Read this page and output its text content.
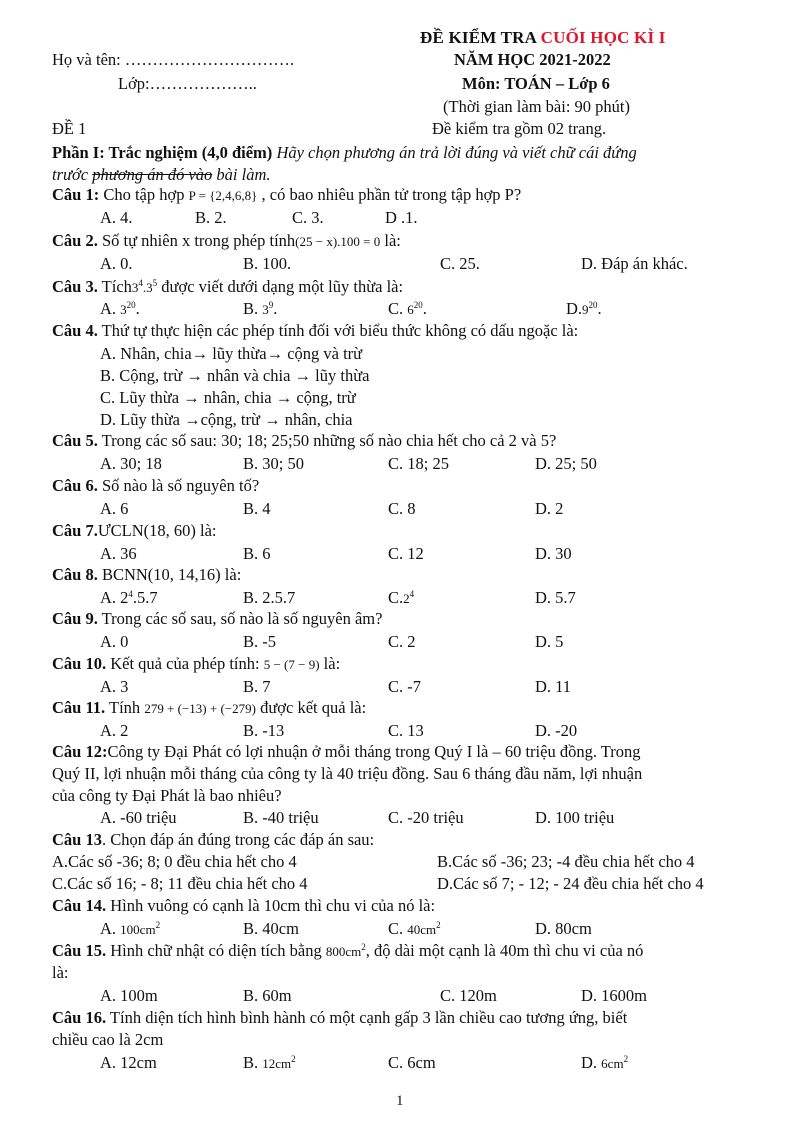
ĐỀ KIỂM TRA CUỐI HỌC KÌ I
Họ và tên: ………………………….	NĂM HỌC 2021-2022
Lớp:………………..	Môn: TOÁN – Lớp 6
(Thời gian làm bài: 90 phút)
ĐỀ 1	Đề kiểm tra gồm 02 trang.
Phần I: Trắc nghiệm (4,0 điểm) Hãy chọn phương án trả lời đúng và viết chữ cái đứng
trước phương án đó vào bài làm.
Câu 1: Cho tập hợp P = {2,4,6,8} , có bao nhiêu phần tử trong tập hợp P?
A. 4.	B. 2.	C. 3.	D .1.
Câu 2. Số tự nhiên x trong phép tính(25 − x).100 = 0 là:
A. 0.	B. 100.	C. 25.	D. Đáp án khác.
Câu 3. $Tích3^4.3^5$ được viết dưới dạng một lũy thừa là:
A. $3^{20}$.	B. $3^9$.	C. $6^{20}$.	$D.9^{20}$.
Câu 4. Thứ tự thực hiện các phép tính đối với biểu thức không có dấu ngoặc là:
A. Nhân, chia→ lũy thừa→ cộng và trừ
B. Cộng, trừ → nhân và chia → lũy thừa
C. Lũy thừa → nhân, chia → cộng, trừ
D. Lũy thừa →cộng, trừ → nhân, chia
Câu 5. Trong các số sau: 30; 18; 25;50 những số nào chia hết cho cả 2 và 5?
A. 30; 18	B. 30; 50	C. 18; 25	D. 25; 50
Câu 6. Số nào là số nguyên tố?
A. 6	B. 4	C. 8	D. 2
Câu 7.ƯCLN(18, 60) là:
A. 36	B. 6	C. 12	D. 30
Câu 8. BCNN(10, 14,16) là:
A. $2^4.5.7$	B. 2.5.7	$C.2^4$	D. 5.7
Câu 9. Trong các số sau, số nào là số nguyên âm?
A. 0	B. -5	C. 2	D. 5
Câu 10. Kết quả của phép tính: 5 − (7 − 9) là:
A. 3	B. 7	C. -7	D. 11
Câu 11. Tính 279 + (−13) + (−279) được kết quả là:
A. 2	B. -13	C. 13	D. -20
Câu 12:Công ty Đại Phát có lợi nhuận ở mỗi tháng trong Quý I là – 60 triệu đồng. Trong
Quý II, lợi nhuận mỗi tháng của công ty là 40 triệu đồng. Sau 6 tháng đầu năm, lợi nhuận
của công ty Đại Phát là bao nhiêu?
A. -60 triệu	B. -40 triệu	C. -20 triệu	D. 100 triệu
Câu 13. Chọn đáp án đúng trong các đáp án sau:
A.Các số -36; 8; 0 đều chia hết cho 4	B.Các số -36; 23; -4 đều chia hết cho 4
C.Các số 16; - 8; 11 đều chia hết cho 4	D.Các số 7; - 12; - 24 đều chia hết cho 4
Câu 14. Hình vuông có cạnh là 10cm thì chu vi của nó là:
A. $100cm^2$	B. 40cm	C. $40cm^2$	D. 80cm
Câu 15. Hình chữ nhật có diện tích bằng $800cm^2$, độ dài một cạnh là 40m thì chu vi của nó
là:
A. 100m	B. 60m	C. 120m	D. 1600m
Câu 16. Tính diện tích hình bình hành có một cạnh gấp 3 lần chiều cao tương ứng, biết
chiều cao là 2cm
A. 12cm	B. $12cm^2$	C. 6cm	D. $6cm^2$
1
